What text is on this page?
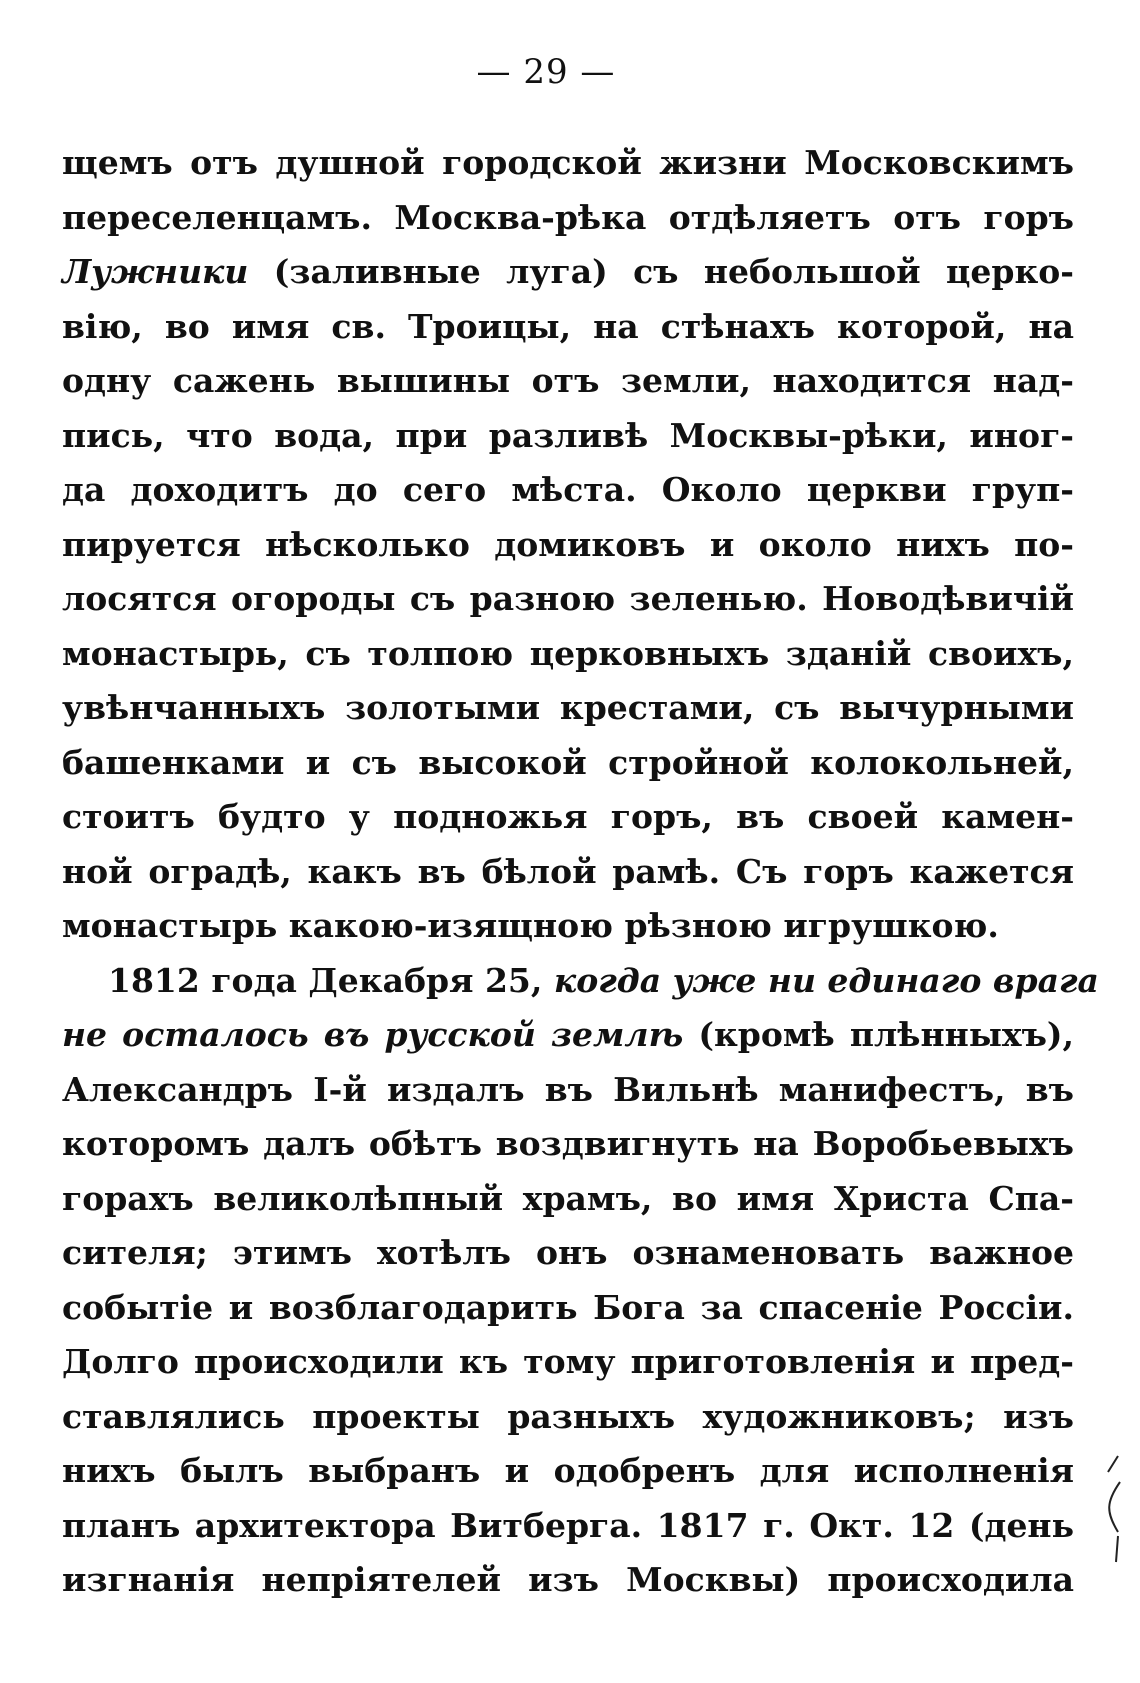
— 29 —
щемъ отъ душной городской жизни Московскимъ
переселенцамъ. Москва-рѣка отдѣляетъ отъ горъ
Лужники (заливные луга) съ небольшой церко-
вію, во имя св. Троицы, на стѣнахъ которой, на
одну сажень вышины отъ земли, находится над-
пись, что вода, при разливѣ Москвы-рѣки, иног-
да доходитъ до сего мѣста. Около церкви груп-
пируется нѣсколько домиковъ и около нихъ по-
лосятся огороды съ разною зеленью. Новодѣвичій
монастырь, съ толпою церковныхъ зданій своихъ,
увѣнчанныхъ золотыми крестами, съ вычурными
башенками и съ высокой стройной колокольней,
стоитъ будто у подножья горъ, въ своей камен-
ной оградѣ, какъ въ бѣлой рамѣ. Съ горъ кажется
монастырь какою-изящною рѣзною игрушкою.
1812 года Декабря 25, когда уже ни единаго врага
не осталось въ русской землѣ (кромѣ плѣнныхъ),
Александръ I-й издалъ въ Вильнѣ манифестъ, въ
которомъ далъ обѣтъ воздвигнуть на Воробьевыхъ
горахъ великолѣпный храмъ, во имя Христа Спа-
сителя; этимъ хотѣлъ онъ ознаменовать важное
событіе и возблагодарить Бога за спасеніе Россіи.
Долго происходили къ тому приготовленія и пред-
ставлялись проекты разныхъ художниковъ; изъ
нихъ былъ выбранъ и одобренъ для исполненія
планъ архитектора Витберга. 1817 г. Окт. 12 (день
изгнанія непріятелей изъ Москвы) происходила
